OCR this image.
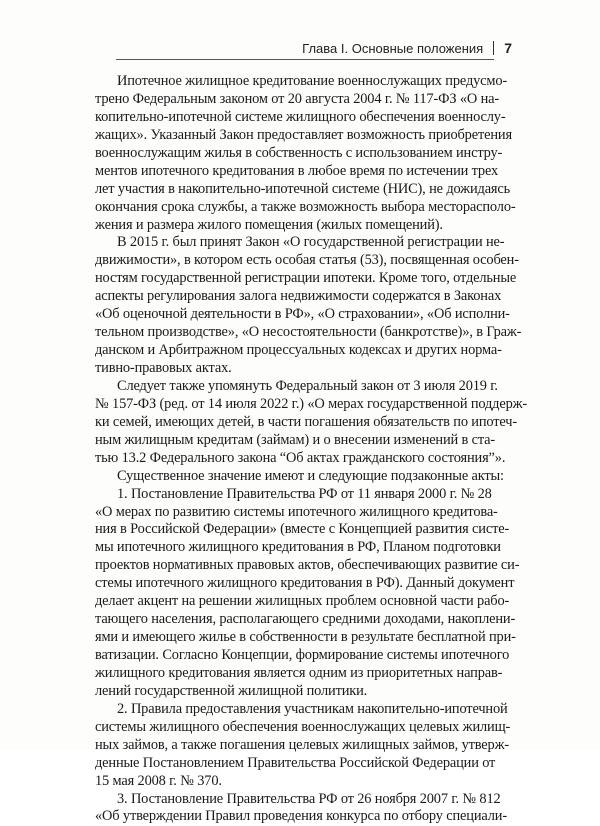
Глава I. Основные положения 7
Ипотечное жилищное кредитование военнослужащих предусмо-
трено Федеральным законом от 20 августа 2004 г. № 117-ФЗ «О на-
копительно-ипотечной системе жилищного обеспечения военнослу-
жащих». Указанный Закон предоставляет возможность приобретения
военнослужащим жилья в собственность с использованием инстру-
ментов ипотечного кредитования в любое время по истечении трех
лет участия в накопительно-ипотечной системе (НИС), не дожидаясь
окончания срока службы, а также возможность выбора месторасполо-
жения и размера жилого помещения (жилых помещений).
В 2015 г. был принят Закон «О государственной регистрации не-
движимости», в котором есть особая статья (53), посвященная особен-
ностям государственной регистрации ипотеки. Кроме того, отдельные
аспекты регулирования залога недвижимости содержатся в Законах
«Об оценочной деятельности в РФ», «О страховании», «Об исполни-
тельном производстве», «О несостоятельности (банкротстве)», в Граж-
данском и Арбитражном процессуальных кодексах и других норма-
тивно-правовых актах.
Следует также упомянуть Федеральный закон от 3 июля 2019 г.
№ 157-ФЗ (ред. от 14 июля 2022 г.) «О мерах государственной поддерж-
ки семей, имеющих детей, в части погашения обязательств по ипотеч-
ным жилищным кредитам (займам) и о внесении изменений в ста-
тью 13.2 Федерального закона “Об актах гражданского состояния”».
Существенное значение имеют и следующие подзаконные акты:
1. Постановление Правительства РФ от 11 января 2000 г. № 28
«О мерах по развитию системы ипотечного жилищного кредитова-
ния в Российской Федерации» (вместе с Концепцией развития систе-
мы ипотечного жилищного кредитования в РФ, Планом подготовки
проектов нормативных правовых актов, обеспечивающих развитие си-
стемы ипотечного жилищного кредитования в РФ). Данный документ
делает акцент на решении жилищных проблем основной части рабо-
тающего населения, располагающего средними доходами, накоплени-
ями и имеющего жилье в собственности в результате бесплатной при-
ватизации. Согласно Концепции, формирование системы ипотечного
жилищного кредитования является одним из приоритетных направ-
лений государственной жилищной политики.
2. Правила предоставления участникам накопительно-ипотечной
системы жилищного обеспечения военнослужащих целевых жилищ-
ных займов, а также погашения целевых жилищных займов, утверж-
денные Постановлением Правительства Российской Федерации от
15 мая 2008 г. № 370.
3. Постановление Правительства РФ от 26 ноября 2007 г. № 812
«Об утверждении Правил проведения конкурса по отбору специали-
